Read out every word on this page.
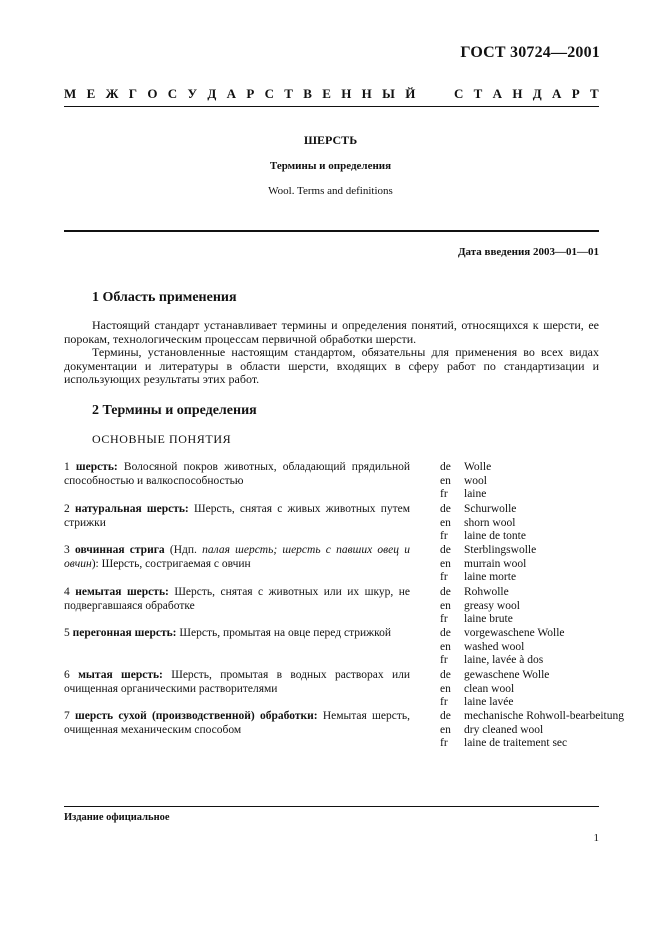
ГОСТ 30724—2001
М Е Ж Г О С У Д А Р С Т В Е Н Н Ы Й	С Т А Н Д А Р Т
ШЕРСТЬ
Термины и определения
Wool. Terms and definitions
Дата введения 2003—01—01
1 Область применения
Настоящий стандарт устанавливает термины и определения понятий, относящихся к шерсти, ее порокам, технологическим процессам первичной обработки шерсти.
Термины, установленные настоящим стандартом, обязательны для применения во всех видах документации и литературы в области шерсти, входящих в сферу работ по стандартизации и использующих результаты этих работ.
2 Термины и определения
ОСНОВНЫЕ ПОНЯТИЯ
1 шерсть: Волосяной покров животных, обладающий прядильной способностью и валкоспособностью
de	Wolle
en	wool
fr	laine
2 натуральная шерсть: Шерсть, снятая с живых животных путем стрижки
de	Schurwolle
en	shorn wool
fr	laine de tonte
3 овчинная стрига (Ндп. палая шерсть; шерсть с павших овец и овчин): Шерсть, состригаемая с овчин
de	Sterblingswolle
en	murrain wool
fr	laine morte
4 немытая шерсть: Шерсть, снятая с животных или их шкур, не подвергавшаяся обработке
de	Rohwolle
en	greasy wool
fr	laine brute
5 перегонная шерсть: Шерсть, промытая на овце перед стрижкой	de	vorgewaschene Wolle
en	washed wool
fr	laine, lavée à dos
6 мытая шерсть: Шерсть, промытая в водных растворах или очищенная органическими растворителями
de	gewaschene Wolle
en	clean wool
fr	laine lavée
7 шерсть сухой (производственной) обработки: Немытая шерсть, очищенная механическим способом
de	mechanische Rohwoll-bearbeitung
en	dry cleaned wool
fr	laine de traitement sec
Издание официальное
1
